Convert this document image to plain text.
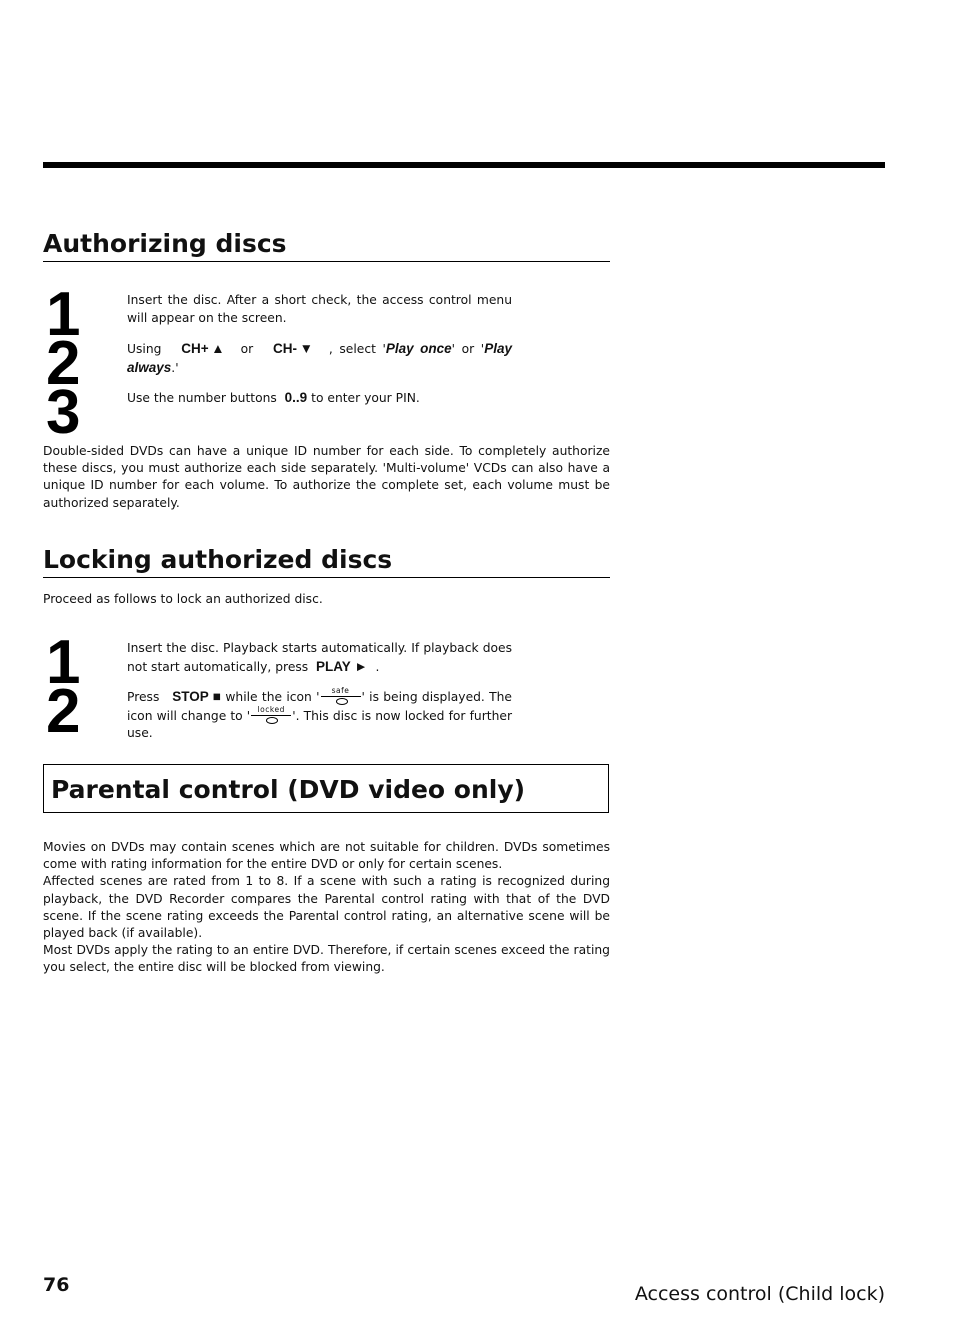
Authorizing discs
1	Insert the disc. After a short check, the access control menu will appear on the screen.
2	Using CH+▲ or CH-▼ , select 'Play once' or 'Play always.'
3	Use the number buttons 0..9 to enter your PIN.
Double-sided DVDs can have a unique ID number for each side. To completely authorize these discs, you must authorize each side separately. 'Multi-volume' VCDs can also have a unique ID number for each volume. To authorize the complete set, each volume must be authorized separately.
Locking authorized discs
Proceed as follows to lock an authorized disc.
1	Insert the disc. Playback starts automatically. If playback does not start automatically, press PLAY ► .
2	Press STOP ■ while the icon '	safe ' is being displayed. The icon will change to ' locked '. This disc is now locked for further use.
Parental control (DVD video only)

Movies on DVDs may contain scenes which are not suitable for children. DVDs sometimes come with rating information for the entire DVD or only for certain scenes.

Affected scenes are rated from 1 to 8. If a scene with such a rating is recognized during playback, the DVD Recorder compares the Parental control rating with that of the DVD scene. If the scene rating exceeds the Parental control rating, an alternative scene will be played back (if available).

Most DVDs apply the rating to an entire DVD. Therefore, if certain scenes exceed the rating you select, the entire disc will be blocked from viewing.

76	Access control (Child lock)
